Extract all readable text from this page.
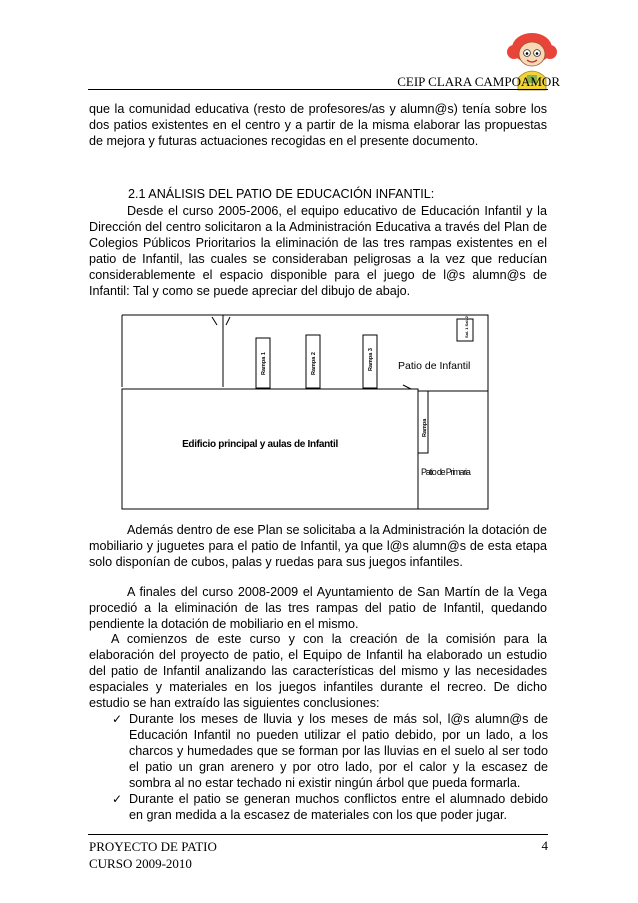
CEIP CLARA CAMPOAMOR
que la comunidad educativa (resto de profesores/as y alumn@s) tenía sobre los dos patios existentes en el centro y a partir de la misma elaborar las propuestas de mejora y futuras actuaciones recogidas en el presente documento.
2.1 ANÁLISIS DEL PATIO DE EDUCACIÓN INFANTIL:
Desde el curso 2005-2006, el equipo educativo de Educación Infantil y la Dirección del centro solicitaron a la Administración Educativa a través del Plan de Colegios Públicos Prioritarios la eliminación de las tres rampas existentes en el patio de Infantil, las cuales se consideraban peligrosas a la vez que reducían considerablemente el espacio disponible para el juego de l@s alumn@s de Infantil: Tal y como se puede apreciar del dibujo de abajo.
Rampa 1	Rampa 2	Rampa 3
Rampa
Sal. 1 Sal. 2
Patio de Infantil
Edificio principal y aulas de Infantil
Patio de Primaria
Además dentro de ese Plan se solicitaba a la Administración la dotación de mobiliario y juguetes para el patio de Infantil, ya que l@s alumn@s de esta etapa solo disponían de cubos, palas y ruedas para sus juegos infantiles.
A finales del curso 2008-2009 el Ayuntamiento de San Martín de la Vega procedió a la eliminación de las tres rampas del patio de Infantil, quedando pendiente la dotación de mobiliario en el mismo.
A comienzos de este curso y con la creación de la comisión para la elaboración del proyecto de patio, el Equipo de Infantil ha elaborado un estudio del patio de Infantil analizando las características del mismo y las necesidades espaciales y materiales en los juegos infantiles durante el recreo. De dicho estudio se han extraído las siguientes conclusiones:
✓ Durante los meses de lluvia y los meses de más sol, l@s alumn@s de Educación Infantil no pueden utilizar el patio debido, por un lado, a los charcos y humedades que se forman por las lluvias en el suelo al ser todo el patio un gran arenero y por otro lado, por el calor y la escasez de sombra al no estar techado ni existir ningún árbol que pueda formarla.
✓ Durante el patio se generan muchos conflictos entre el alumnado debido en gran medida a la escasez de materiales con los que poder jugar.
PROYECTO DE PATIO
CURSO 2009-2010
4
